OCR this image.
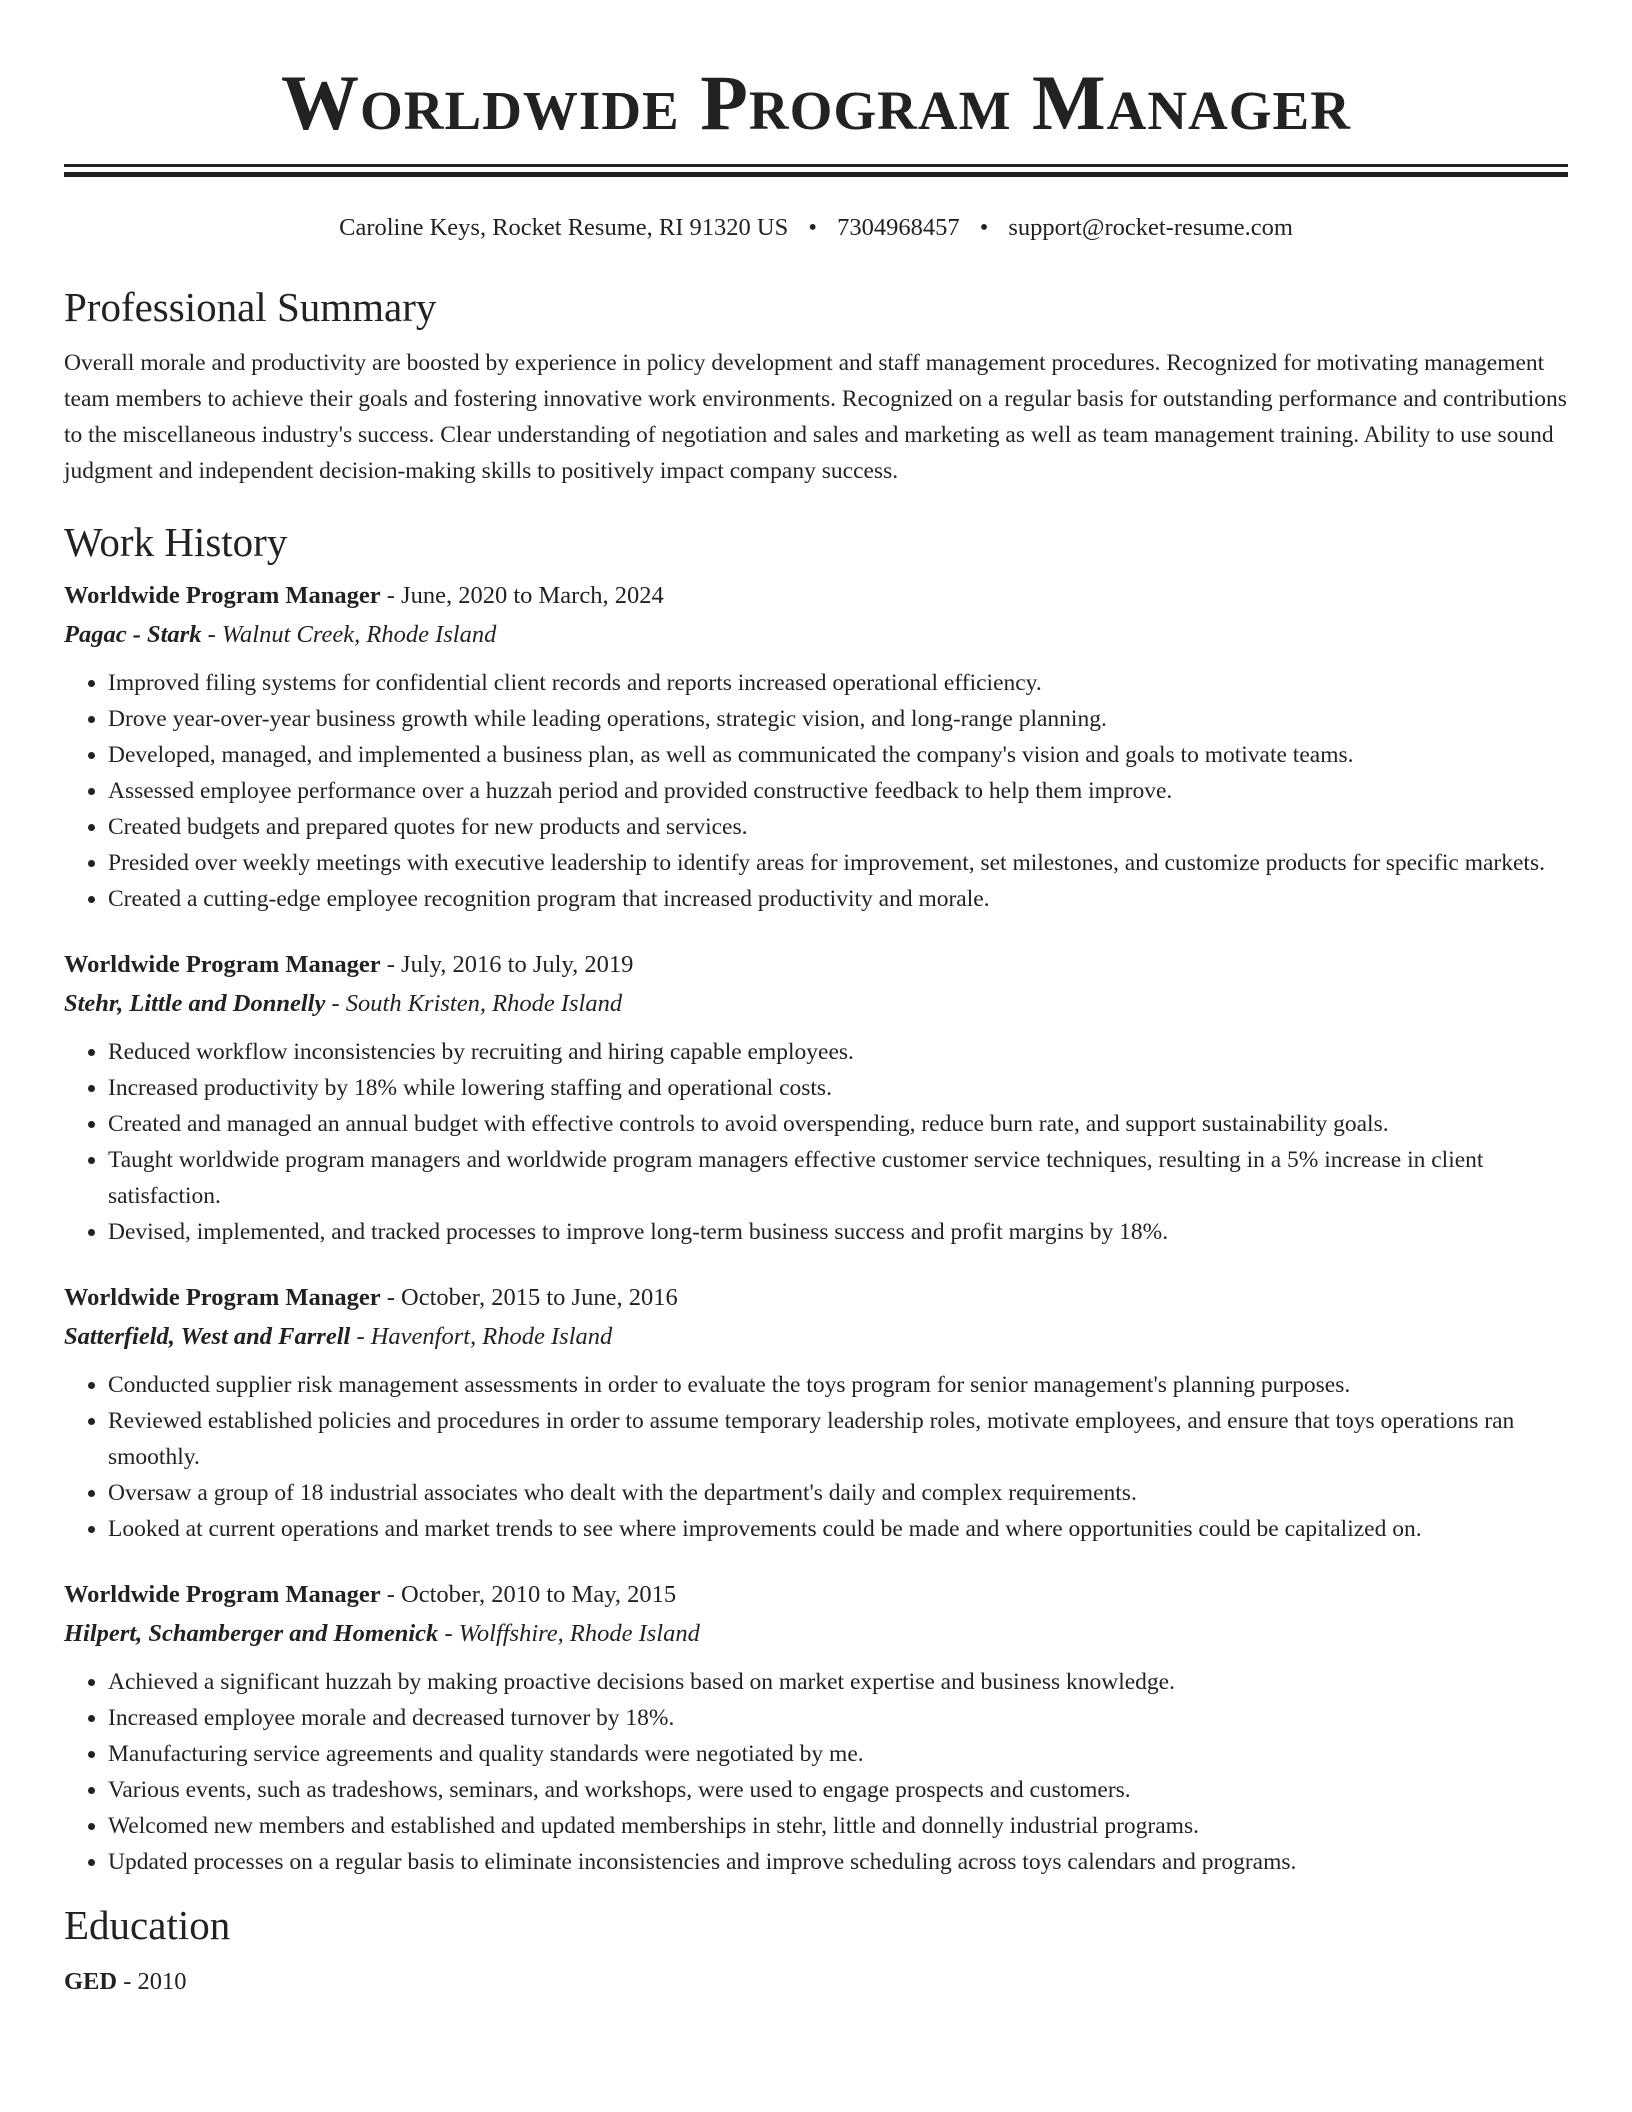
Worldwide Program Manager
Caroline Keys, Rocket Resume, RI 91320 US • 7304968457 • support@rocket-resume.com
Professional Summary

Overall morale and productivity are boosted by experience in policy development and staff management procedures. Recognized for motivating management team members to achieve their goals and fostering innovative work environments. Recognized on a regular basis for outstanding performance and contributions to the miscellaneous industry's success. Clear understanding of negotiation and sales and marketing as well as team management training. Ability to use sound judgment and independent decision-making skills to positively impact company success.

Work History
Worldwide Program Manager - June, 2020 to March, 2024
Pagac - Stark - Walnut Creek, Rhode Island
• Improved filing systems for confidential client records and reports increased operational efficiency.
• Drove year-over-year business growth while leading operations, strategic vision, and long-range planning.
• Developed, managed, and implemented a business plan, as well as communicated the company's vision and goals to motivate teams.
• Assessed employee performance over a huzzah period and provided constructive feedback to help them improve.
• Created budgets and prepared quotes for new products and services.
• Presided over weekly meetings with executive leadership to identify areas for improvement, set milestones, and customize products for specific markets.
• Created a cutting-edge employee recognition program that increased productivity and morale.
Worldwide Program Manager - July, 2016 to July, 2019
Stehr, Little and Donnelly - South Kristen, Rhode Island
• Reduced workflow inconsistencies by recruiting and hiring capable employees.
• Increased productivity by 18% while lowering staffing and operational costs.
• Created and managed an annual budget with effective controls to avoid overspending, reduce burn rate, and support sustainability goals.
• Taught worldwide program managers and worldwide program managers effective customer service techniques, resulting in a 5% increase in client satisfaction.
• Devised, implemented, and tracked processes to improve long-term business success and profit margins by 18%.
Worldwide Program Manager - October, 2015 to June, 2016
Satterfield, West and Farrell - Havenfort, Rhode Island
• Conducted supplier risk management assessments in order to evaluate the toys program for senior management's planning purposes.
• Reviewed established policies and procedures in order to assume temporary leadership roles, motivate employees, and ensure that toys operations ran smoothly.
• Oversaw a group of 18 industrial associates who dealt with the department's daily and complex requirements.
• Looked at current operations and market trends to see where improvements could be made and where opportunities could be capitalized on.
Worldwide Program Manager - October, 2010 to May, 2015
Hilpert, Schamberger and Homenick - Wolffshire, Rhode Island
• Achieved a significant huzzah by making proactive decisions based on market expertise and business knowledge.
• Increased employee morale and decreased turnover by 18%.
• Manufacturing service agreements and quality standards were negotiated by me.
• Various events, such as tradeshows, seminars, and workshops, were used to engage prospects and customers.
• Welcomed new members and established and updated memberships in stehr, little and donnelly industrial programs.
• Updated processes on a regular basis to eliminate inconsistencies and improve scheduling across toys calendars and programs.
Education
GED - 2010
